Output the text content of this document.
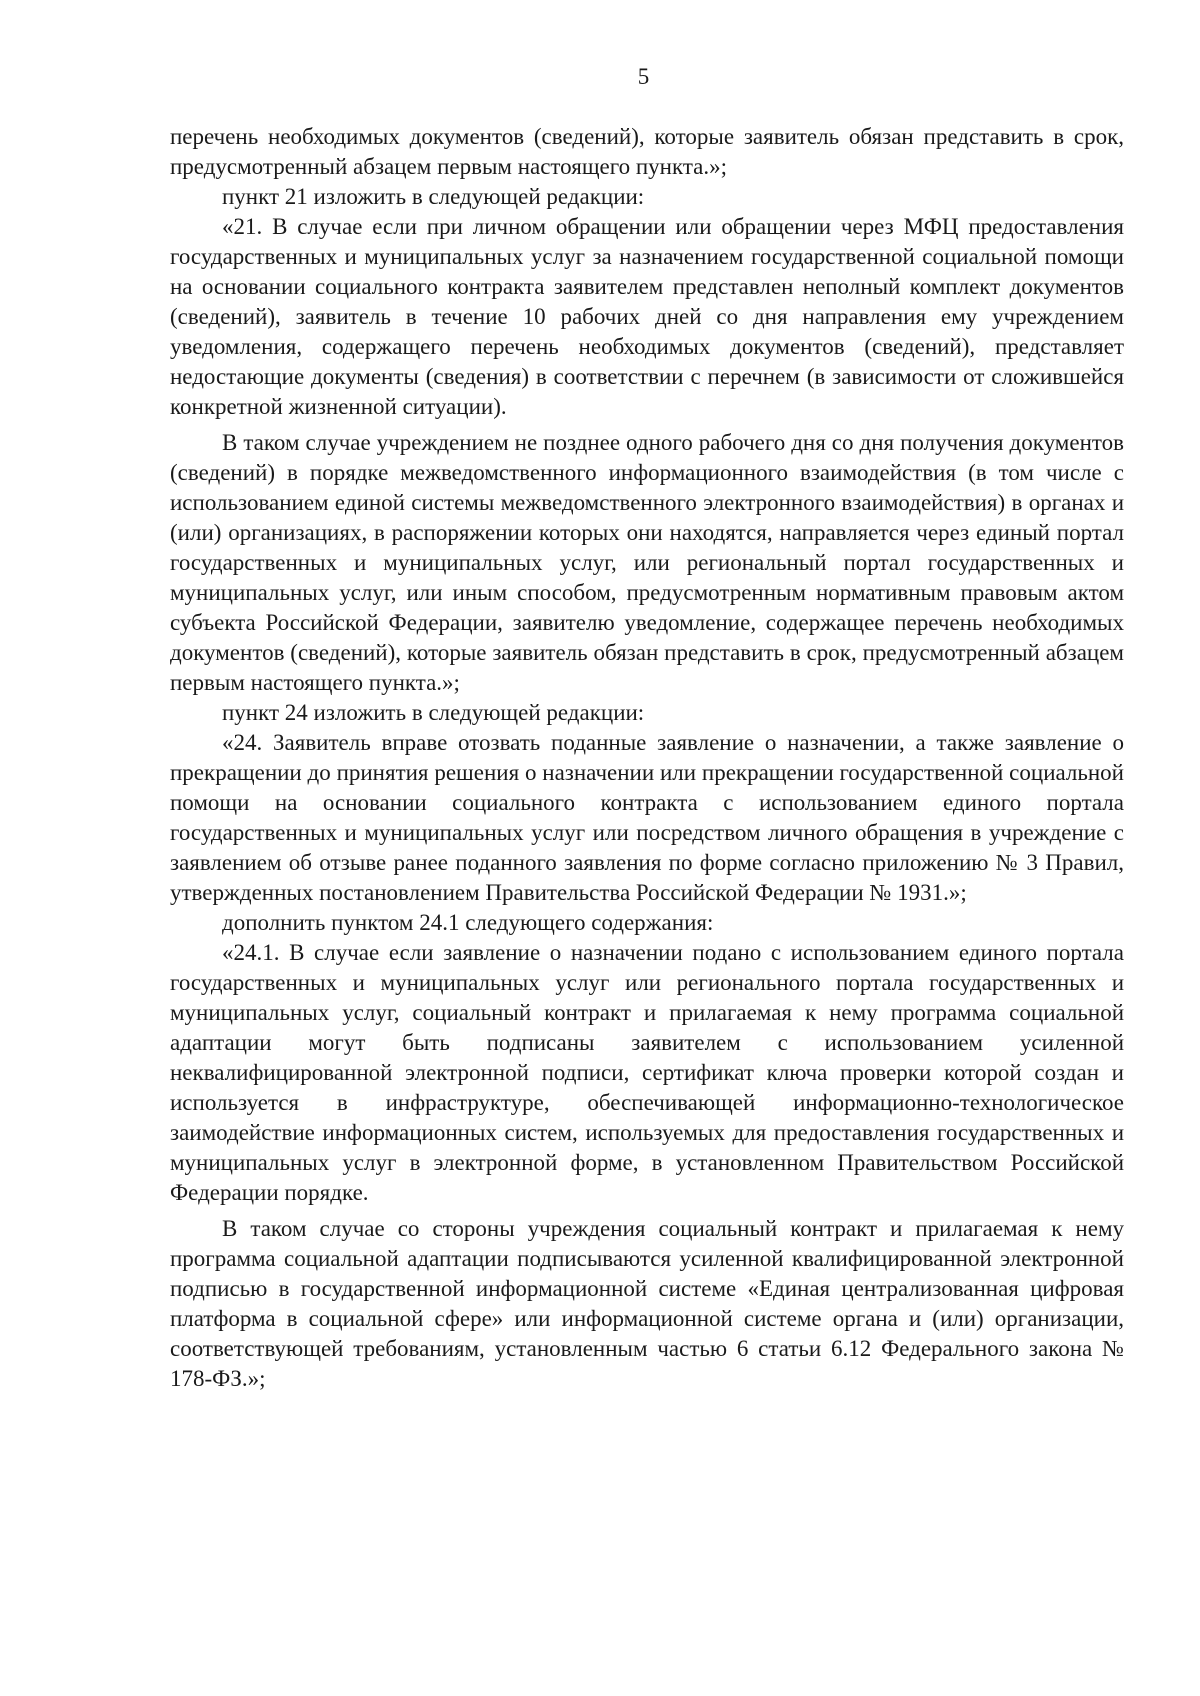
5

перечень необходимых документов (сведений), которые заявитель обязан представить в срок, предусмотренный абзацем первым настоящего пункта.»;

пункт 21 изложить в следующей редакции:

«21. В случае если при личном обращении или обращении через МФЦ предоставления государственных и муниципальных услуг за назначением государственной социальной помощи на основании социального контракта заявителем представлен неполный комплект документов (сведений), заявитель в течение 10 рабочих дней со дня направления ему учреждением уведомления, содержащего перечень необходимых документов (сведений), представляет недостающие документы (сведения) в соответствии с перечнем (в зависимости от сложившейся конкретной жизненной ситуации).

В таком случае учреждением не позднее одного рабочего дня со дня получения документов (сведений) в порядке межведомственного информационного взаимодействия (в том числе с использованием единой системы межведомственного электронного взаимодействия) в органах и (или) организациях, в распоряжении которых они находятся, направляется через единый портал государственных и муниципальных услуг, или региональный портал государственных и муниципальных услуг, или иным способом, предусмотренным нормативным правовым актом субъекта Российской Федерации, заявителю уведомление, содержащее перечень необходимых документов (сведений), которые заявитель обязан представить в срок, предусмотренный абзацем первым настоящего пункта.»;

пункт 24 изложить в следующей редакции:

«24. Заявитель вправе отозвать поданные заявление о назначении, а также заявление о прекращении до принятия решения о назначении или прекращении государственной социальной помощи на основании социального контракта с использованием единого портала государственных и муниципальных услуг или посредством личного обращения в учреждение с заявлением об отзыве ранее поданного заявления по форме согласно приложению № 3 Правил, утвержденных постановлением Правительства Российской Федерации № 1931.»;

дополнить пунктом 24.1 следующего содержания:

«24.1. В случае если заявление о назначении подано с использованием единого портала государственных и муниципальных услуг или регионального портала государственных и муниципальных услуг, социальный контракт и прилагаемая к нему программа социальной адаптации могут быть подписаны заявителем с использованием усиленной неквалифицированной электронной подписи, сертификат ключа проверки которой создан и используется в инфраструктуре, обеспечивающей информационно-технологическое заимодействие информационных систем, используемых для предоставления государственных и муниципальных услуг в электронной форме, в установленном Правительством Российской Федерации порядке.

В таком случае со стороны учреждения социальный контракт и прилагаемая к нему программа социальной адаптации подписываются усиленной квалифицированной электронной подписью в государственной информационной системе «Единая централизованная цифровая платформа в социальной сфере» или информационной системе органа и (или) организации, соответствующей требованиям, установленным частью 6 статьи 6.12 Федерального закона № 178-ФЗ.»;
